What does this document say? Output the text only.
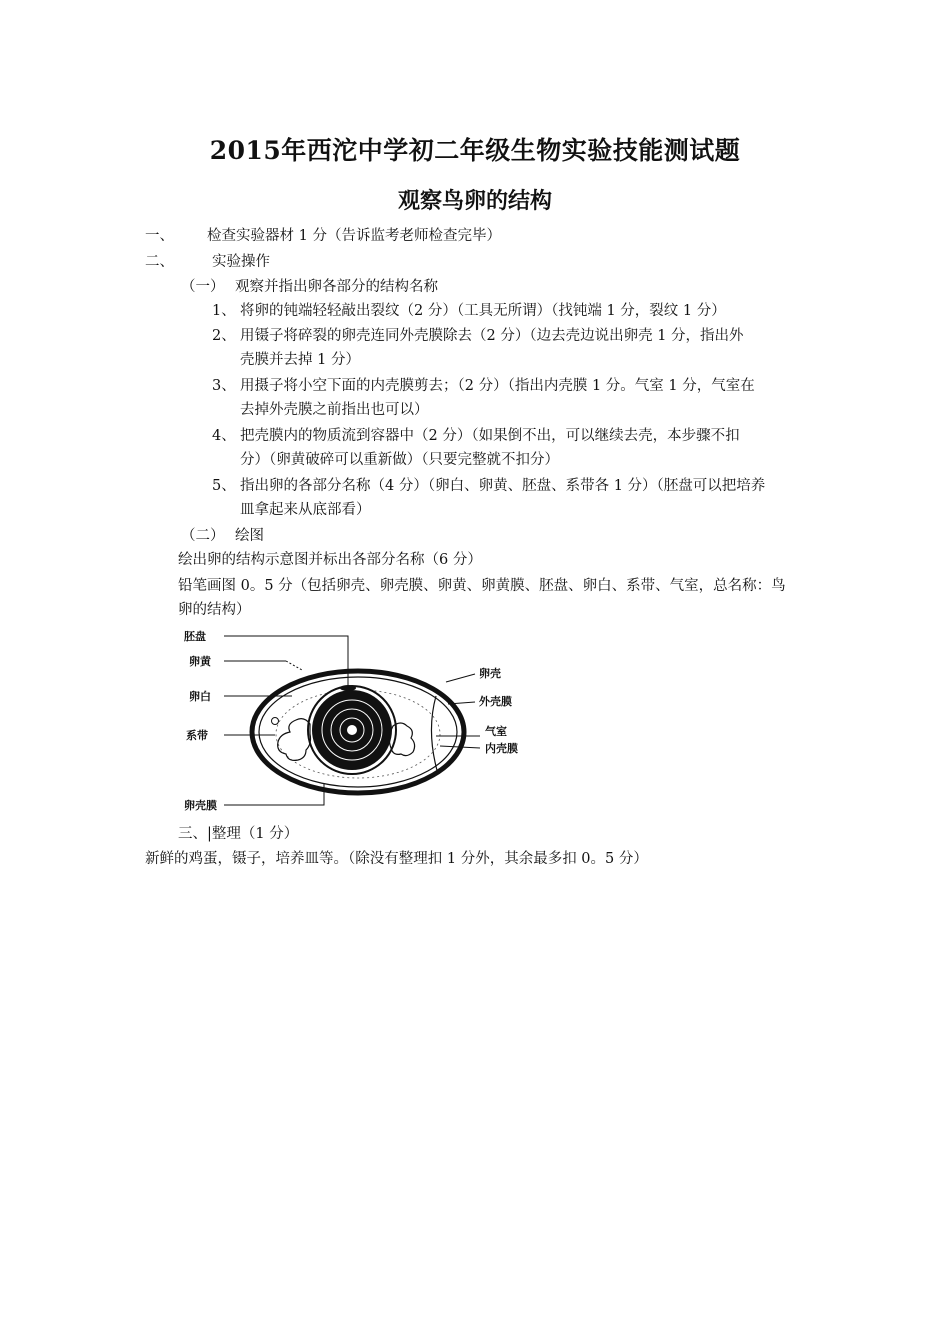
2015年西沱中学初二年级生物实验技能测试题
观察鸟卵的结构
一、 检查实验器材 1 分（告诉监考老师检查完毕）
二、	实验操作
（一） 观察并指出卵各部分的结构名称
1、 将卵的钝端轻轻敲出裂纹（2 分）（工具无所谓）（找钝端 1 分，裂纹 1 分）
2、 用镊子将碎裂的卵壳连同外壳膜除去（2 分）（边去壳边说出卵壳 1 分，指出外
壳膜并去掉 1 分）
3、 用摄子将小空下面的内壳膜剪去；（2 分）（指出内壳膜 1 分。气室 1 分，气室在
去掉外壳膜之前指出也可以）
4、 把壳膜内的物质流到容器中（2 分）（如果倒不出，可以继续去壳，本步骤不扣
分）（卵黄破碎可以重新做）（只要完整就不扣分）
5、 指出卵的各部分名称（4 分）（卵白、卵黄、胚盘、系带各 1 分）（胚盘可以把培养
皿拿起来从底部看）
（二） 绘图
绘出卵的结构示意图并标出各部分名称（6 分）
铅笔画图 0。5 分（包括卵壳、卵壳膜、卵黄、卵黄膜、胚盘、卵白、系带、气室，总名称：鸟
卵的结构）
胚盘
卵黄
卵白
系带
卵壳膜
卵壳
外壳膜
气室
内壳膜
三、|整理（1 分）
新鲜的鸡蛋，镊子，培养皿等。（除没有整理扣 1 分外，其余最多扣 0。5 分）
